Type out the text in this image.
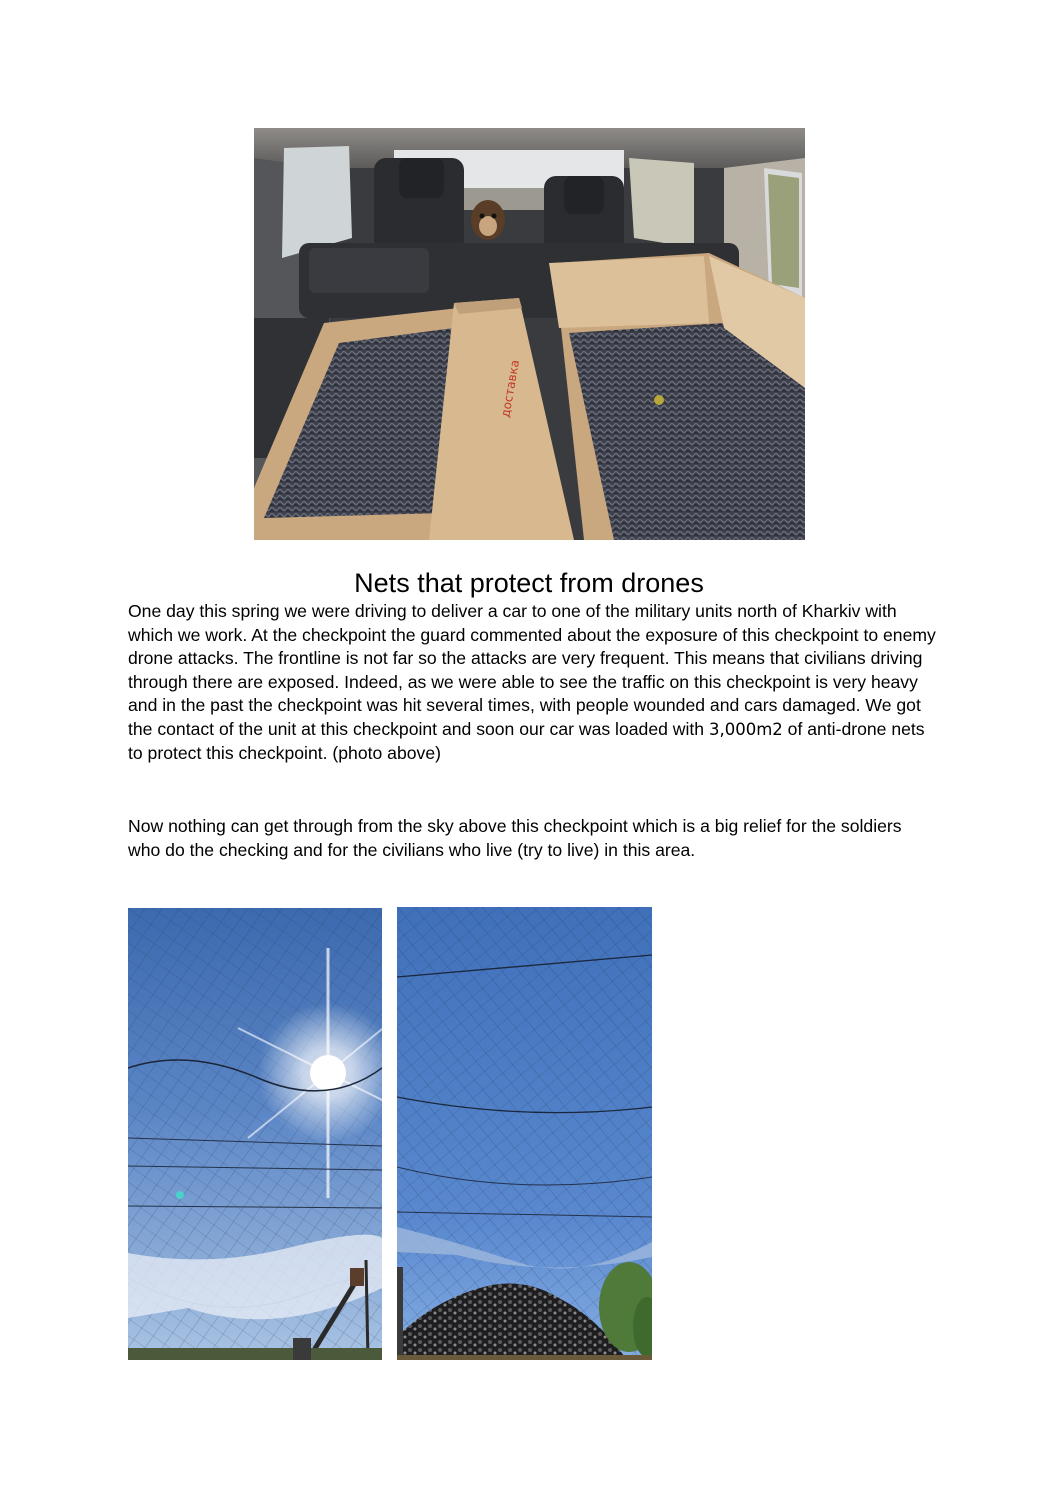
доставка
Nets that protect from drones

One day this spring we were driving to deliver a car to one of the military units north of Kharkiv with which we work. At the checkpoint the guard commented about the exposure of this checkpoint to enemy drone attacks. The frontline is not far so the attacks are very frequent. This means that civilians driving through there are exposed. Indeed, as we were able to see the traffic on this checkpoint is very heavy and in the past the checkpoint was hit several times, with people wounded and cars damaged. We got the contact of the unit at this checkpoint and soon our car was loaded with 3,000m2 of anti-drone nets to protect this checkpoint. (photo above)

Now nothing can get through from the sky above this checkpoint which is a big relief for the soldiers who do the checking and for the civilians who live (try to live) in this area.
